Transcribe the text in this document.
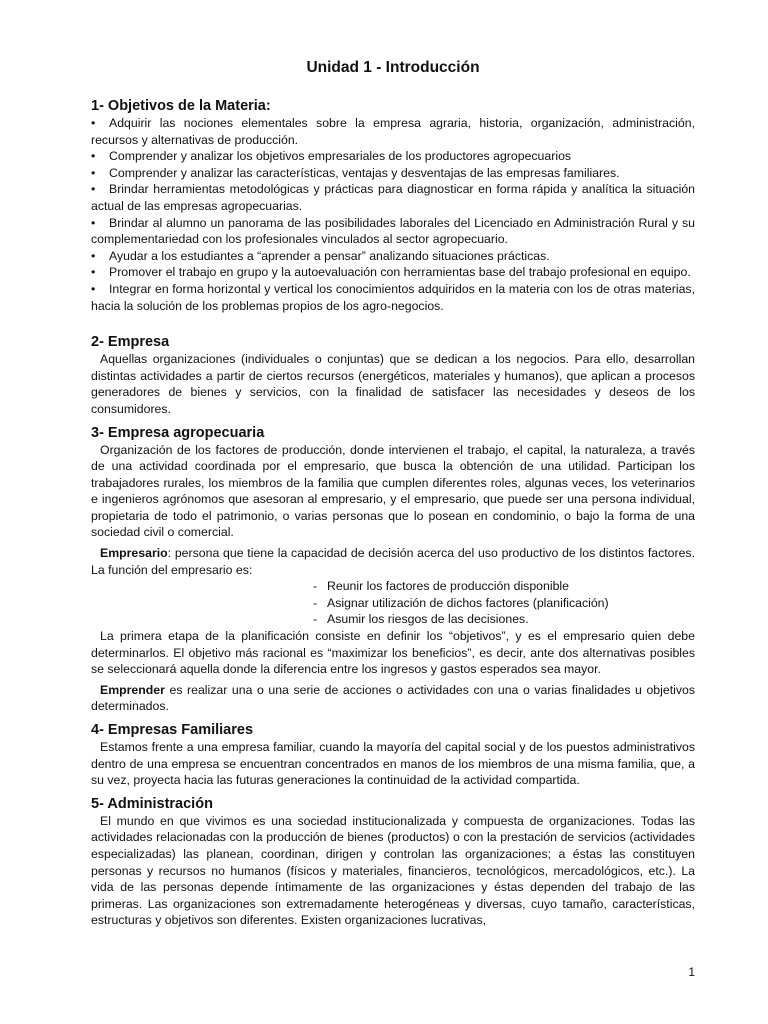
Unidad 1 - Introducción
1- Objetivos de la Materia:
• Adquirir las nociones elementales sobre la empresa agraria, historia, organización, administración, recursos y alternativas de producción.
• Comprender y analizar los objetivos empresariales de los productores agropecuarios
• Comprender y analizar las características, ventajas y desventajas de las empresas familiares.
• Brindar herramientas metodológicas y prácticas para diagnosticar en forma rápida y analítica la situación actual de las empresas agropecuarias.
• Brindar al alumno un panorama de las posibilidades laborales del Licenciado en Administración Rural y su complementariedad con los profesionales vinculados al sector agropecuario.
• Ayudar a los estudiantes a “aprender a pensar” analizando situaciones prácticas.
• Promover el trabajo en grupo y la autoevaluación con herramientas base del trabajo profesional en equipo.
• Integrar en forma horizontal y vertical los conocimientos adquiridos en la materia con los de otras materias, hacia la solución de los problemas propios de los agro-negocios.
2- Empresa

Aquellas organizaciones (individuales o conjuntas) que se dedican a los negocios. Para ello, desarrollan distintas actividades a partir de ciertos recursos (energéticos, materiales y humanos), que aplican a procesos generadores de bienes y servicios, con la finalidad de satisfacer las necesidades y deseos de los consumidores.

3- Empresa agropecuaria

Organización de los factores de producción, donde intervienen el trabajo, el capital, la naturaleza, a través de una actividad coordinada por el empresario, que busca la obtención de una utilidad. Participan los trabajadores rurales, los miembros de la familia que cumplen diferentes roles, algunas veces, los veterinarios e ingenieros agrónomos que asesoran al empresario, y el empresario, que puede ser una persona individual, propietaria de todo el patrimonio, o varias personas que lo posean en condominio, o bajo la forma de una sociedad civil o comercial.

Empresario: persona que tiene la capacidad de decisión acerca del uso productivo de los distintos factores. La función del empresario es:

- Reunir los factores de producción disponible
- Asignar utilización de dichos factores (planificación)
- Asumir los riesgos de las decisiones.

La primera etapa de la planificación consiste en definir los “objetivos”, y es el empresario quien debe determinarlos. El objetivo más racional es “maximizar los beneficios”, es decir, ante dos alternativas posibles se seleccionará aquella donde la diferencia entre los ingresos y gastos esperados sea mayor.

Emprender es realizar una o una serie de acciones o actividades con una o varias finalidades u objetivos determinados.

4- Empresas Familiares

Estamos frente a una empresa familiar, cuando la mayoría del capital social y de los puestos administrativos dentro de una empresa se encuentran concentrados en manos de los miembros de una misma familia, que, a su vez, proyecta hacia las futuras generaciones la continuidad de la actividad compartida.

5- Administración

El mundo en que vivimos es una sociedad institucionalizada y compuesta de organizaciones. Todas las actividades relacionadas con la producción de bienes (productos) o con la prestación de servicios (actividades especializadas) las planean, coordinan, dirigen y controlan las organizaciones; a éstas las constituyen personas y recursos no humanos (físicos y materiales, financieros, tecnológicos, mercadológicos, etc.). La vida de las personas depende íntimamente de las organizaciones y éstas dependen del trabajo de las primeras. Las organizaciones son extremadamente heterogéneas y diversas, cuyo tamaño, características, estructuras y objetivos son diferentes. Existen organizaciones lucrativas,

1
